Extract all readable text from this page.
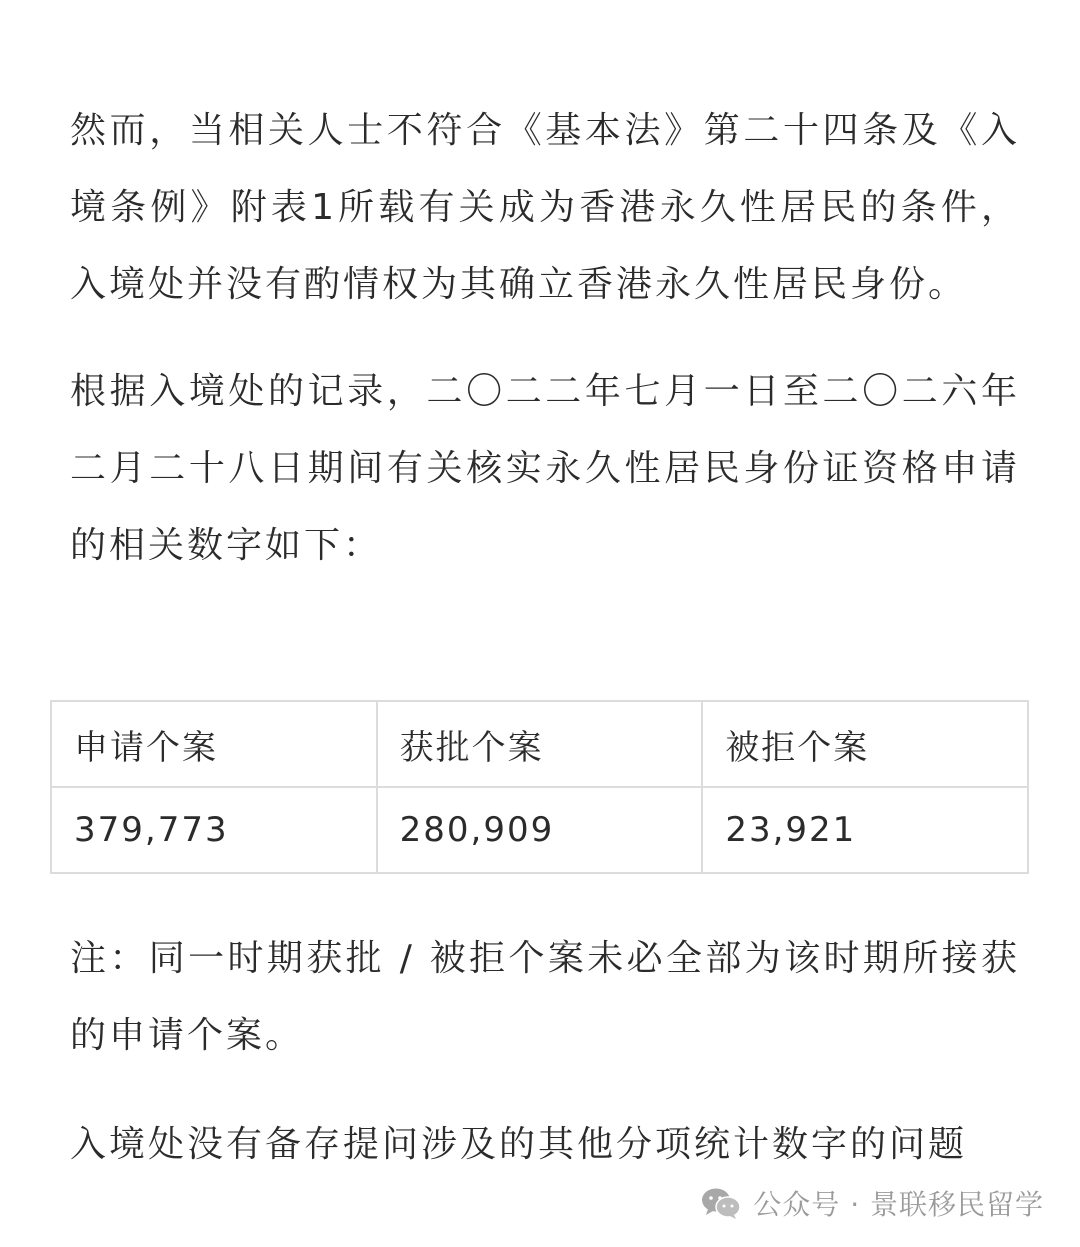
然而，当相关人士不符合《基本法》第二十四条及《入境条例》附表1所载有关成为香港永久性居民的条件，入境处并没有酌情权为其确立香港永久性居民身份。

根据入境处的记录，二〇二二年七月一日至二〇二六年二月二十八日期间有关核实永久性居民身份证资格申请的相关数字如下：

申请个案	获批个案	被拒个案
379,773	280,909	23,921

注：同一时期获批 / 被拒个案未必全部为该时期所接获的申请个案。

入境处没有备存提问涉及的其他分项统计数字的问题

公众号 · 景联移民留学
